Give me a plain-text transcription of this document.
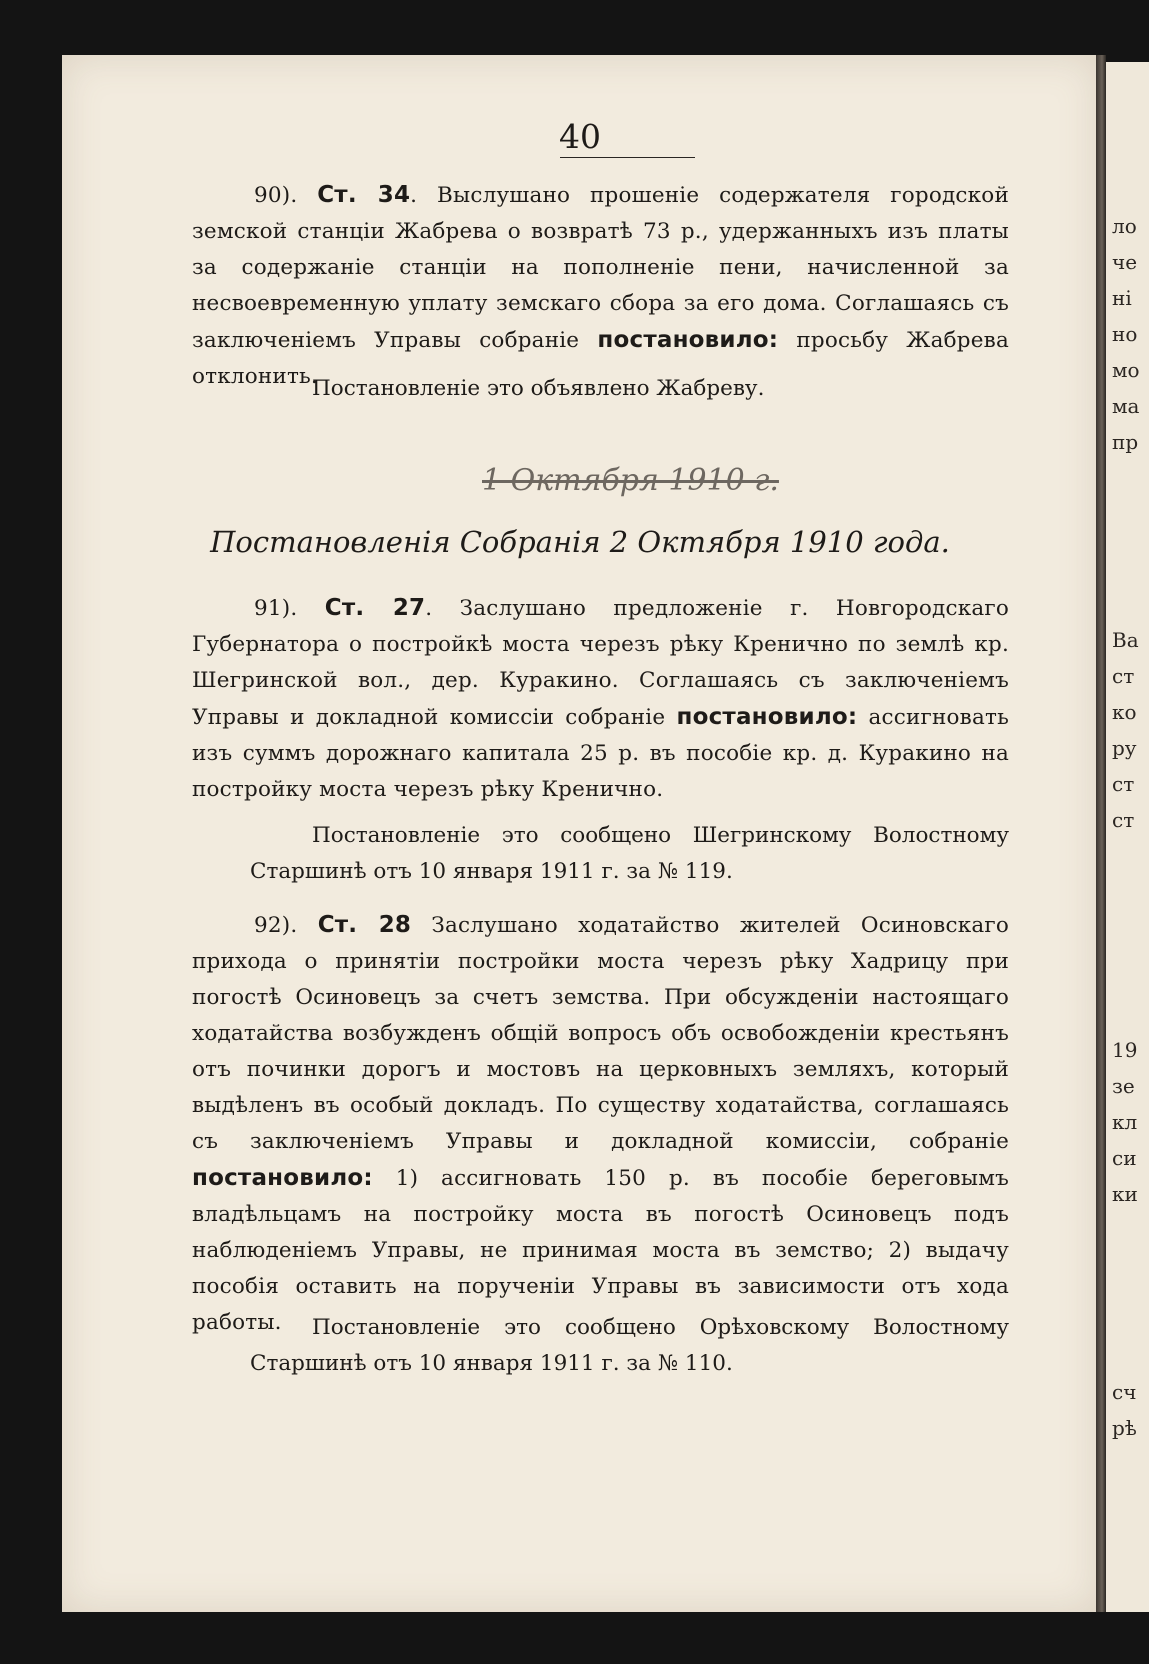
40
90). Ст. 34. Выслушано прошеніе содержателя городской земской станціи Жабрева о возвратѣ 73 р., удержанныхъ изъ платы за содержаніе станціи на пополненіе пени, начисленной за несвоевременную уплату земскаго сбора за его дома. Соглашаясь съ заключеніемъ Управы собраніе постановило: просьбу Жабрева отклонить.
Постановленіе это объявлено Жабреву.
1 Октября 1910 г.
Постановленія Собранія 2 Октября 1910 года.
91). Ст. 27. Заслушано предложеніе г. Новгородскаго Губернатора о постройкѣ моста черезъ рѣку Кренично по землѣ кр. Шегринской вол., дер. Куракино. Соглашаясь съ заключеніемъ Управы и докладной комиссіи собраніе постановило: ассигновать изъ суммъ дорожнаго капитала 25 р. въ пособіе кр. д. Куракино на постройку моста черезъ рѣку Кренично.
Постановленіе это сообщено Шегринскому Волостному
Старшинѣ отъ 10 января 1911 г. за № 119.
92). Ст. 28 Заслушано ходатайство жителей Осиновскаго прихода о принятіи постройки моста черезъ рѣку Хадрицу при погостѣ Осиновецъ за счетъ земства. При обсужденіи настоящаго ходатайства возбужденъ общій вопросъ объ освобожденіи крестьянъ отъ починки дорогъ и мостовъ на церковныхъ земляхъ, который выдѣленъ въ особый докладъ. По существу ходатайства, соглашаясь съ заключеніемъ Управы и докладной комиссіи, собраніе постановило: 1) ассигновать 150 р. въ пособіе береговымъ владѣльцамъ на постройку моста въ погостѣ Осиновецъ подъ наблюденіемъ Управы, не принимая моста въ земство; 2) выдачу пособія оставить на порученіи Управы въ зависимости отъ хода работы.	Постановленіе это сообщено Орѣховскому Волостному
Старшинѣ отъ 10 января 1911 г. за № 110.
ло
че
ні
но
мо
ма
пр
Ва
ст
ко
ру
ст
ст
19
зе
кл
си
ки
сч
рѣ
